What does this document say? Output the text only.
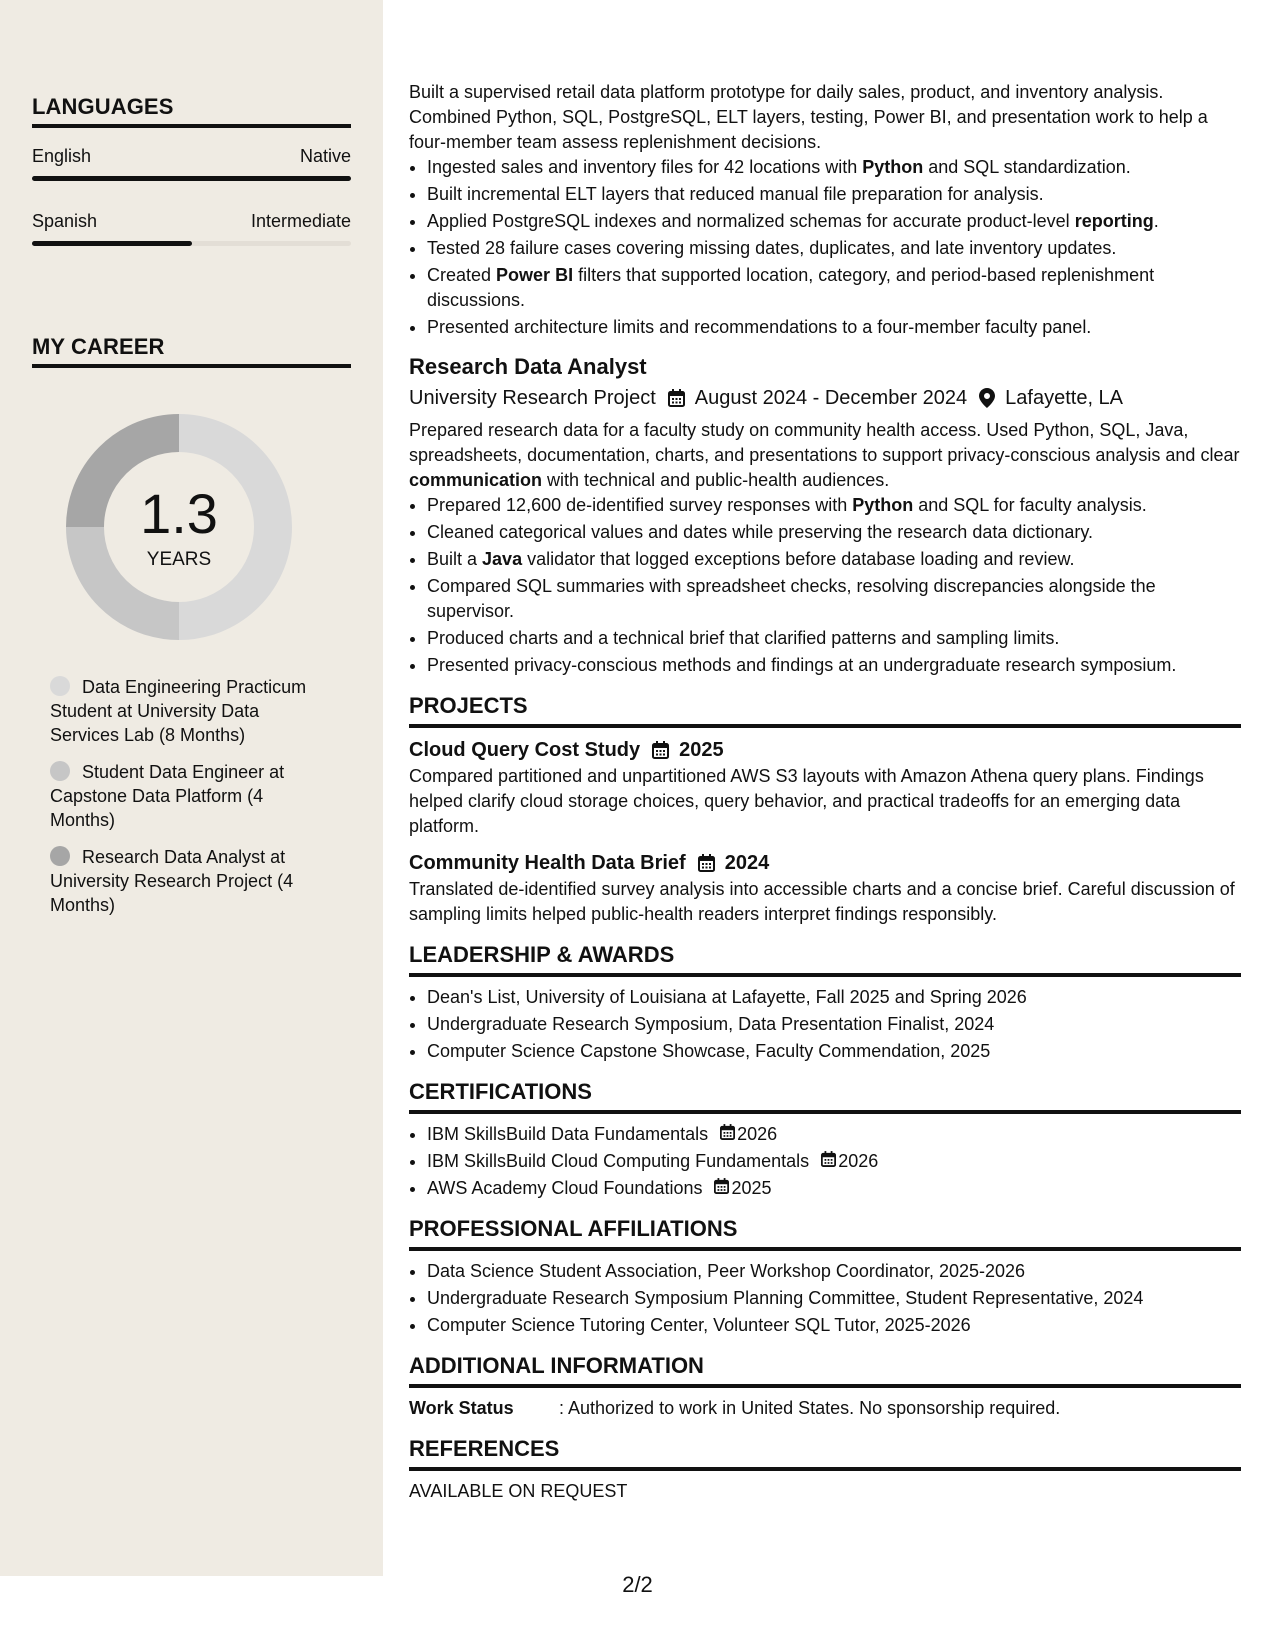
LANGUAGES
English	Native
Spanish	Intermediate
MY CAREER
1.3
YEARS
Data Engineering Practicum Student at University Data Services Lab (8 Months)
Student Data Engineer at Capstone Data Platform (4 Months)
Research Data Analyst at University Research Project (4 Months)

Built a supervised retail data platform prototype for daily sales, product, and inventory analysis. Combined Python, SQL, PostgreSQL, ELT layers, testing, Power BI, and presentation work to help a four-member team assess replenishment decisions.

• Ingested sales and inventory files for 42 locations with Python and SQL standardization.
• Built incremental ELT layers that reduced manual file preparation for analysis.
• Applied PostgreSQL indexes and normalized schemas for accurate product-level reporting.
• Tested 28 failure cases covering missing dates, duplicates, and late inventory updates.
• Created Power BI filters that supported location, category, and period-based replenishment discussions.
• Presented architecture limits and recommendations to a four-member faculty panel.
Research Data Analyst
University Research Project August 2024 - December 2024 Lafayette, LA

Prepared research data for a faculty study on community health access. Used Python, SQL, Java, spreadsheets, documentation, charts, and presentations to support privacy-conscious analysis and clear communication with technical and public-health audiences.

• Prepared 12,600 de-identified survey responses with Python and SQL for faculty analysis.
• Cleaned categorical values and dates while preserving the research data dictionary.
• Built a Java validator that logged exceptions before database loading and review.
• Compared SQL summaries with spreadsheet checks, resolving discrepancies alongside the supervisor.
• Produced charts and a technical brief that clarified patterns and sampling limits.
• Presented privacy-conscious methods and findings at an undergraduate research symposium.
PROJECTS
Cloud Query Cost Study 2025

Compared partitioned and unpartitioned AWS S3 layouts with Amazon Athena query plans. Findings helped clarify cloud storage choices, query behavior, and practical tradeoffs for an emerging data platform.

Community Health Data Brief 2024

Translated de-identified survey analysis into accessible charts and a concise brief. Careful discussion of sampling limits helped public-health readers interpret findings responsibly.

LEADERSHIP & AWARDS
• Dean's List, University of Louisiana at Lafayette, Fall 2025 and Spring 2026
• Undergraduate Research Symposium, Data Presentation Finalist, 2024
• Computer Science Capstone Showcase, Faculty Commendation, 2025
CERTIFICATIONS
• IBM SkillsBuild Data Fundamentals 2026
• IBM SkillsBuild Cloud Computing Fundamentals 2026
• AWS Academy Cloud Foundations 2025
PROFESSIONAL AFFILIATIONS
• Data Science Student Association, Peer Workshop Coordinator, 2025-2026
• Undergraduate Research Symposium Planning Committee, Student Representative, 2024
• Computer Science Tutoring Center, Volunteer SQL Tutor, 2025-2026
ADDITIONAL INFORMATION
Work Status	: Authorized to work in United States. No sponsorship required.
REFERENCES

AVAILABLE ON REQUEST

2/2
